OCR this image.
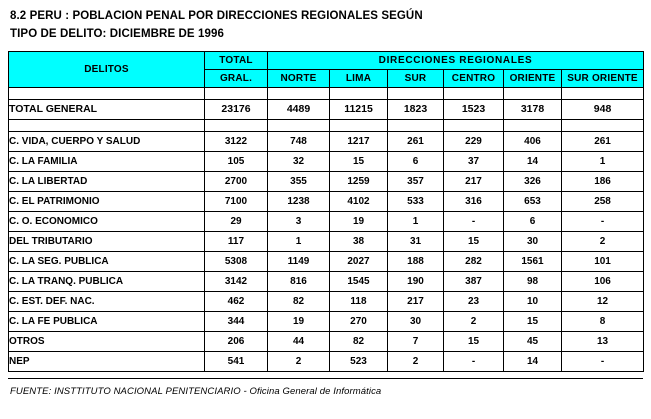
8.2 PERU : POBLACION PENAL POR DIRECCIONES REGIONALES SEGÚN
TIPO DE DELITO: DICIEMBRE DE 1996
DELITOS	TOTAL	DIRECCIONES REGIONALES					
	GRAL.	NORTE	LIMA	SUR	CENTRO	ORIENTE	SUR ORIENTE

TOTAL GENERAL	23176	4489	11215	1823	1523	3178	948

C. VIDA, CUERPO Y SALUD	3122	748	1217	261	229	406	261
C. LA FAMILIA	105	32	15	6	37	14	1
C. LA LIBERTAD	2700	355	1259	357	217	326	186
C. EL PATRIMONIO	7100	1238	4102	533	316	653	258
C. O. ECONOMICO	29	3	19	1	-	6	-
DEL TRIBUTARIO	117	1	38	31	15	30	2
C. LA SEG. PUBLICA	5308	1149	2027	188	282	1561	101
C. LA TRANQ. PUBLICA	3142	816	1545	190	387	98	106
C. EST. DEF. NAC.	462	82	118	217	23	10	12
C. LA FE PUBLICA	344	19	270	30	2	15	8
OTROS	206	44	82	7	15	45	13
NEP	541	2	523	2	-	14	-
FUENTE: INSTTITUTO NACIONAL PENITENCIARIO - Oficina General de Informática
